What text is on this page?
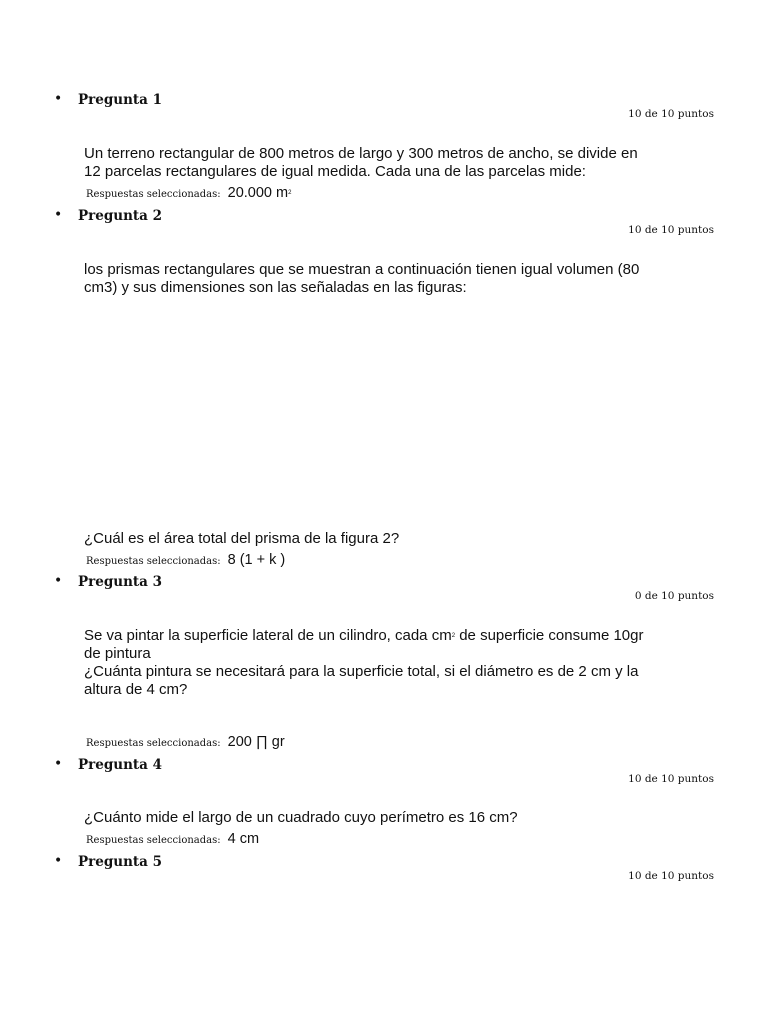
• Pregunta 1
10 de 10 puntos

Un terreno rectangular de 800 metros de largo y 300 metros de ancho, se divide en 12 parcelas rectangulares de igual medida. Cada una de las parcelas mide:

Respuestas seleccionadas: 20.000 $m^2$
• Pregunta 2
10 de 10 puntos

los prismas rectangulares que se muestran a continuación tienen igual volumen (80 cm3) y sus dimensiones son las señaladas en las figuras:

¿Cuál es el área total del prisma de la figura 2?

Respuestas seleccionadas: 8 (1 + k )
• Pregunta 3
0 de 10 puntos

Se va pintar la superficie lateral de un cilindro, cada $cm^2$ de superficie consume 10gr de pintura

¿Cuánta pintura se necesitará para la superficie total, si el diámetro es de 2 cm y la altura de 4 cm?

Respuestas seleccionadas: 200 ∏ gr
• Pregunta 4
10 de 10 puntos

¿Cuánto mide el largo de un cuadrado cuyo perímetro es 16 cm?

Respuestas seleccionadas: 4 cm
• Pregunta 5
10 de 10 puntos
